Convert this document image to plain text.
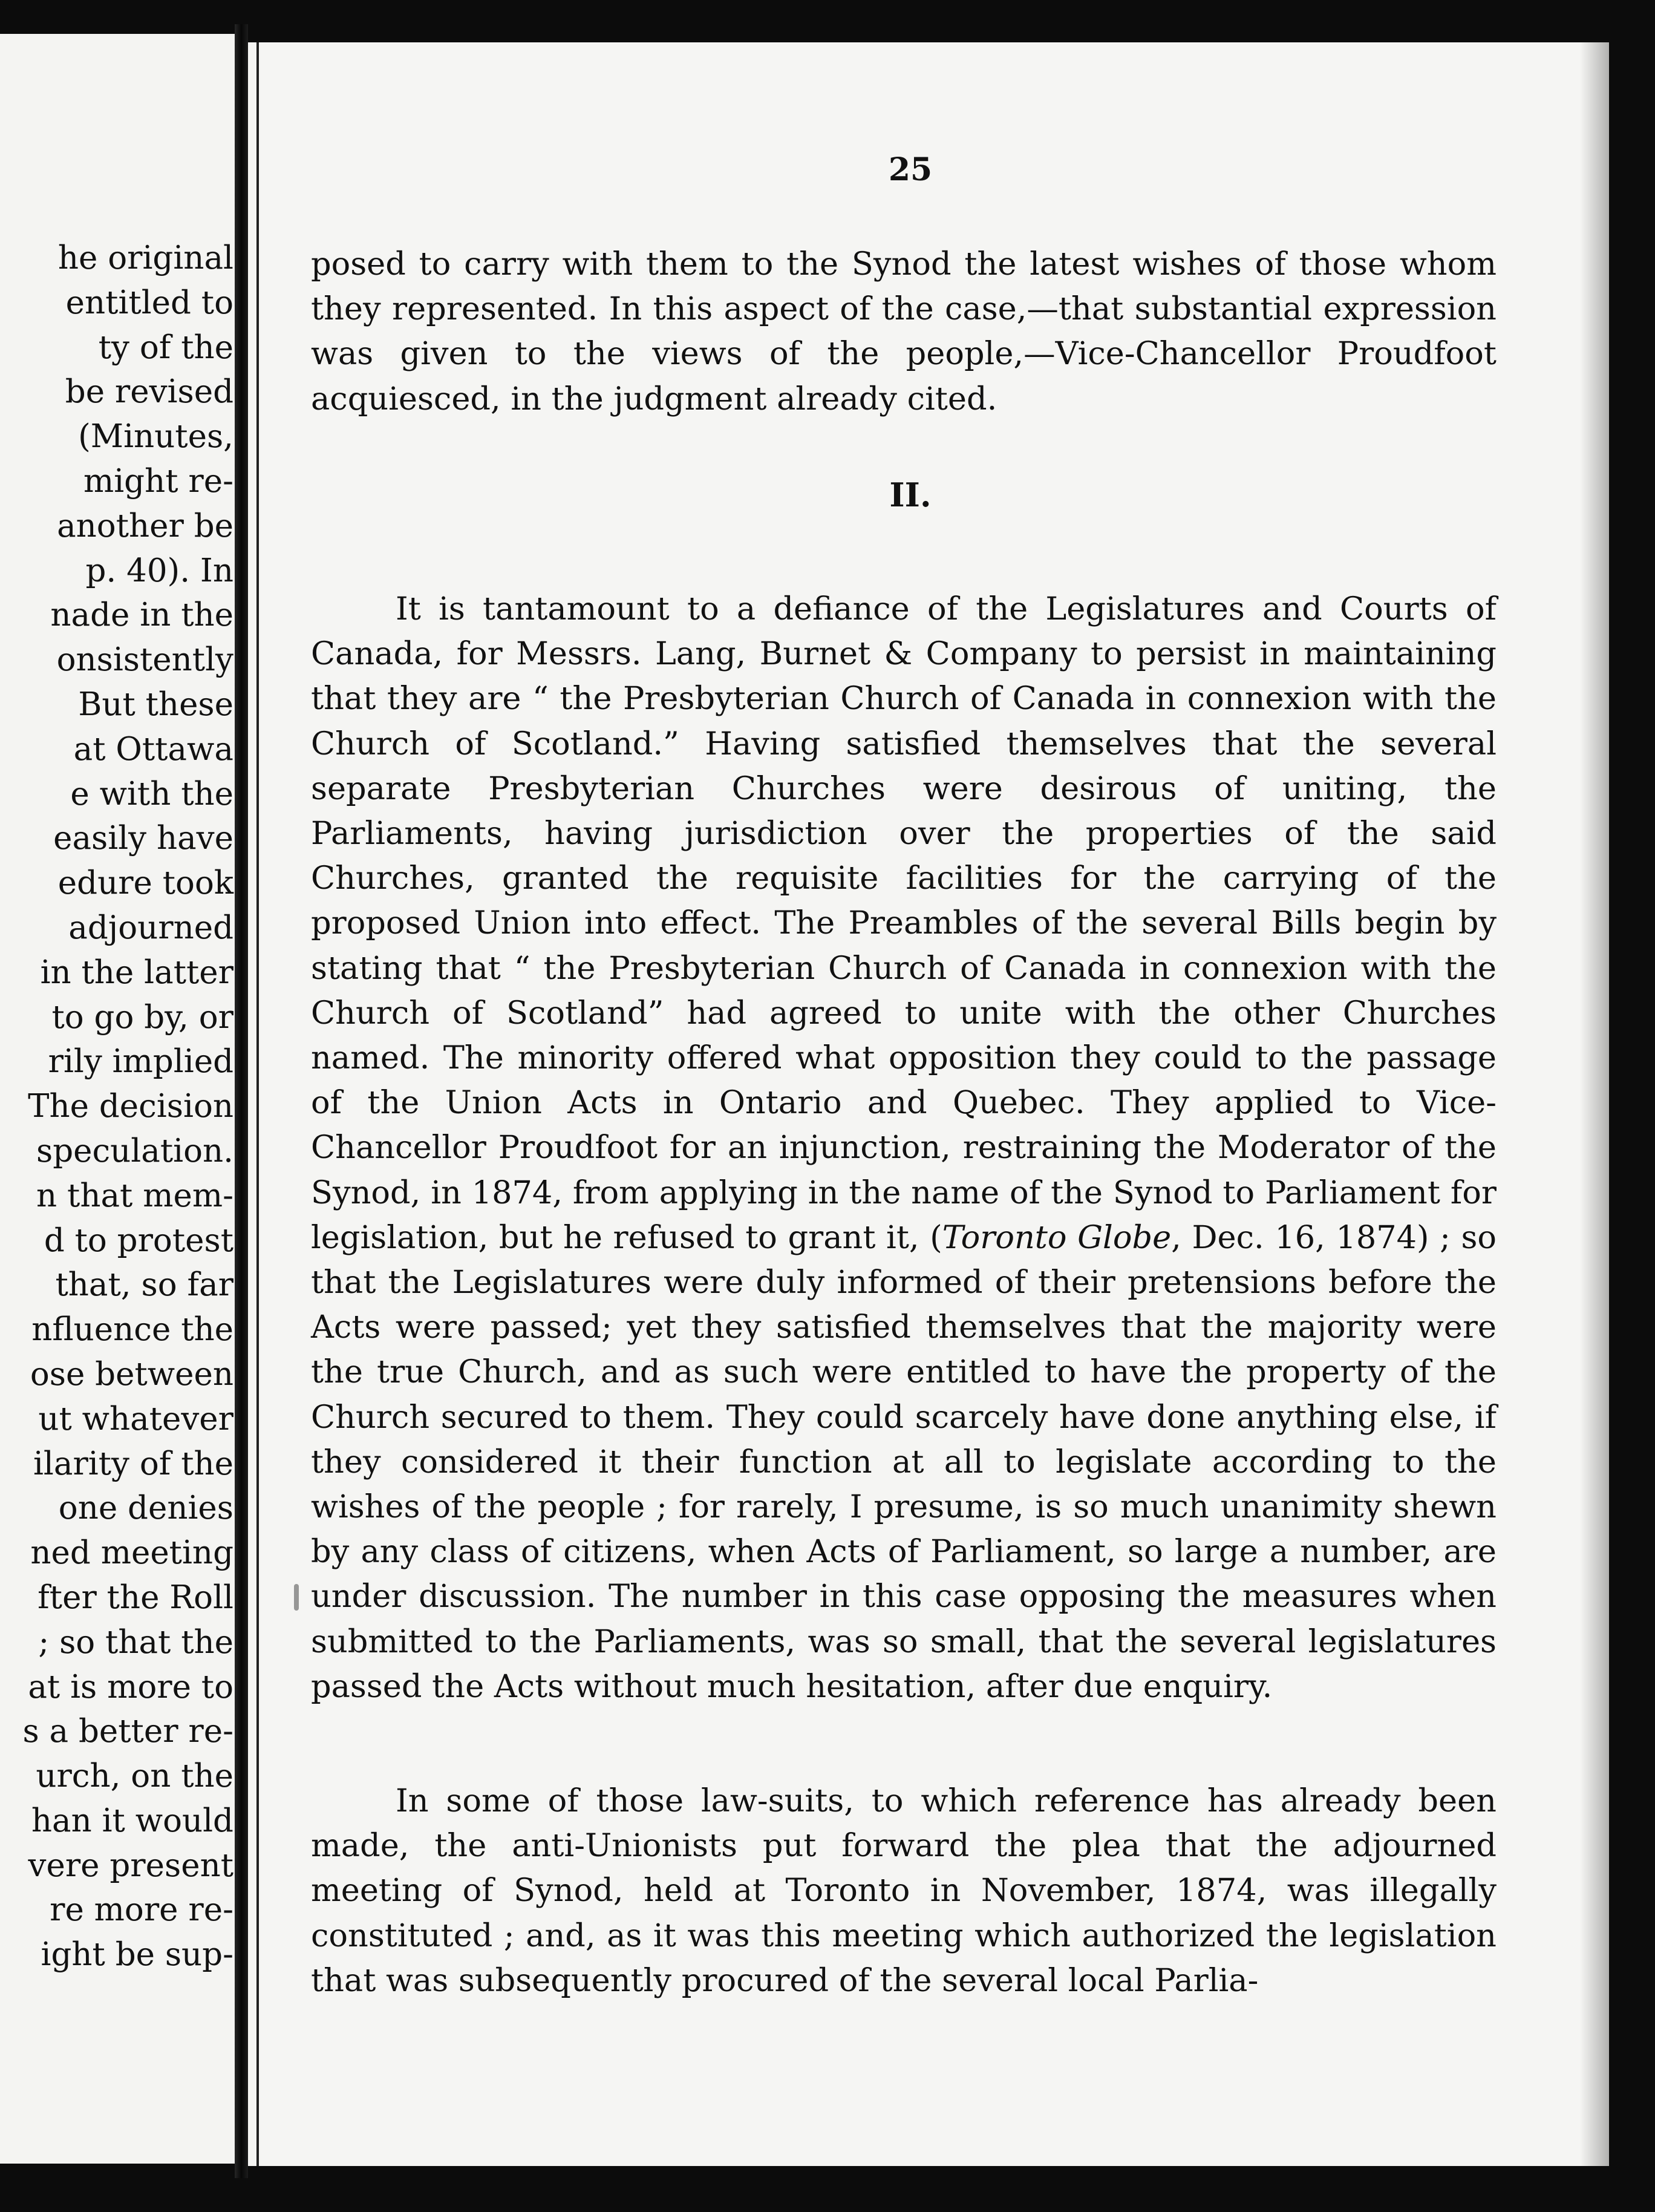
he original
entitled to
ty of the
be revised
(Minutes,
might re-
another be
p. 40). In
nade in the
onsistently
But these
at Ottawa
e with the
easily have
edure took
adjourned
in the latter
to go by, or
rily implied
The decision
speculation.
n that mem-
d to protest
that, so far
nfluence the
ose between
ut whatever
ilarity of the
one denies
ned meeting
fter the Roll
; so that the
at is more to
s a better re-
urch, on the
han it would
vere present
re more re-
ight be sup-
25

posed to carry with them to the Synod the latest wishes of those whom they represented. In this aspect of the case,—that substantial expression was given to the views of the people,—Vice-Chancellor Proudfoot acquiesced, in the judgment already cited.

II.

It is tantamount to a defiance of the Legislatures and Courts of Canada, for Messrs. Lang, Burnet & Company to persist in maintaining that they are “ the Presbyterian Church of Canada in connexion with the Church of Scotland.” Having satisfied themselves that the several separate Presbyterian Churches were desirous of uniting, the Parliaments, having jurisdiction over the properties of the said Churches, granted the requisite facilities for the carrying of the proposed Union into effect. The Preambles of the several Bills begin by stating that “ the Presbyterian Church of Canada in connexion with the Church of Scotland” had agreed to unite with the other Churches named. The minority offered what opposition they could to the passage of the Union Acts in Ontario and Quebec. They applied to Vice-Chancellor Proudfoot for an injunction, restraining the Moderator of the Synod, in 1874, from applying in the name of the Synod to Parliament for legislation, but he refused to grant it, (Toronto Globe, Dec. 16, 1874) ; so that the Legislatures were duly informed of their pretensions before the Acts were passed; yet they satisfied themselves that the majority were the true Church, and as such were entitled to have the property of the Church secured to them. They could scarcely have done anything else, if they considered it their function at all to legislate according to the wishes of the people ; for rarely, I presume, is so much unanimity shewn by any class of citizens, when Acts of Parliament, so large a number, are under discussion. The number in this case opposing the measures when submitted to the Parliaments, was so small, that the several legislatures passed the Acts without much hesitation, after due enquiry.

In some of those law-suits, to which reference has already been made, the anti-Unionists put forward the plea that the adjourned meeting of Synod, held at Toronto in November, 1874, was illegally constituted ; and, as it was this meeting which authorized the legislation that was subsequently procured of the several local Parlia-
